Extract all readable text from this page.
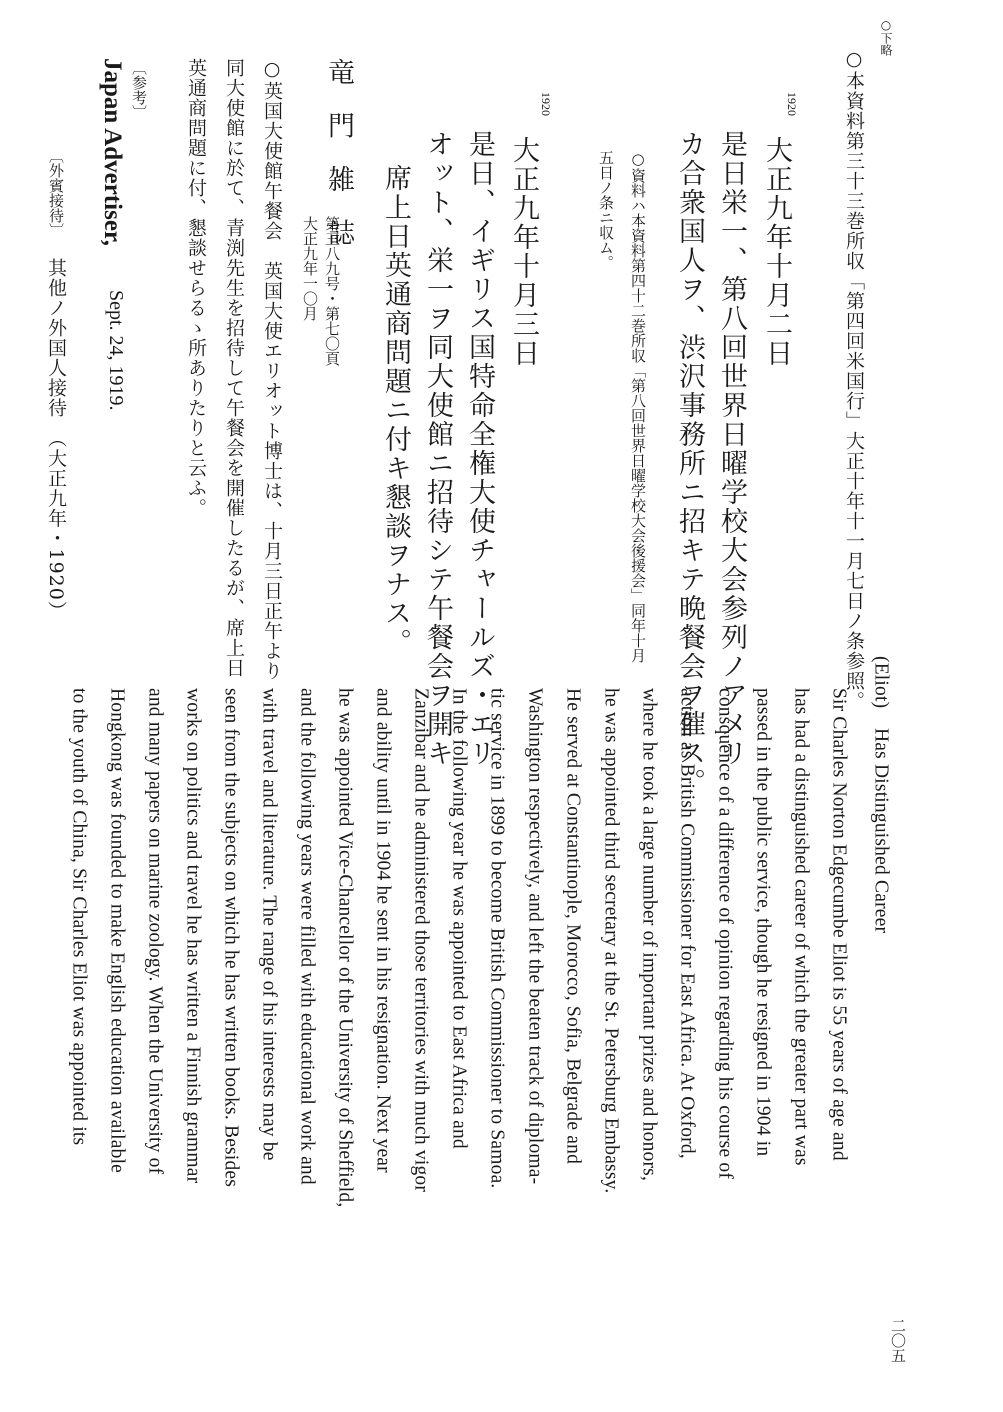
○下略
○本資料第三十三巻所収「第四回米国行」大正十年十一月七日ノ条参照。
1920
大正九年十月二日
是日栄一、第八回世界日曜学校大会参列ノアメリ
カ合衆国人ヲ、渋沢事務所ニ招キテ晩餐会ヲ催ス。
○資料ハ本資料第四十二巻所収「第八回世界日曜学校大会後援会」同年十月
五日ノ条ニ収ム。
1920
大正九年十月三日
是日、イギリス国特命全権大使チャールズ・エリ
オット、栄一ヲ同大使館ニ招待シテ午餐会ヲ開キ
席上日英通商問題ニ付キ懇談ヲナス。
竜 門 雑 誌
第三八九号・第七〇頁
大正九年一〇月
○英国大使館午餐会　英国大使エリオット博士は、十月三日正午より
同大使館に於て、青渕先生を招待して午餐会を開催したるが、席上日
英通商問題に付、懇談せらるゝ所ありたりと云ふ。
〔参考〕
Japan Advertiser,
Sept. 24, 1919.
〔外賓接待〕
其他ノ外国人接待　（大正九年・1920）
(Eliot)　Has Distinguished Career
Sir Charles Norton Edgecumbe Eliot is 55 years of age and
has had a distinguished career of which the greater part was
passed in the public service, though he resigned in 1904 in
consquence of a difference of opinion regarding his course of
action as British Commissioner for East Africa. At Oxford,
where he took a large number of important prizes and honors,
he was appointed third secretary at the St. Petersburg Embassy.
He served at Constantinople, Morocco, Sofia, Belgrade and
Washington respectively, and left the beaten track of diploma-
tic service in 1899 to become British Commissioner to Samoa.
In the following year he was appointed to East Africa and
Zanzibar and he administered those territories with much vigor
and ability until in 1904 he sent in his resignation. Next year
he was appointed Vice-Chancellor of the University of Sheffield,
and the following years were filled with educational work and
with travel and literature. The range of his interests may be
seen from the subjects on which he has written books. Besides
works on politics and travel he has written a Finnish grammar
and many papers on marine zoology. When the University of
Hongkong was founded to make English education available
to the youth of China, Sir Charles Eliot was appointed its
二〇五
